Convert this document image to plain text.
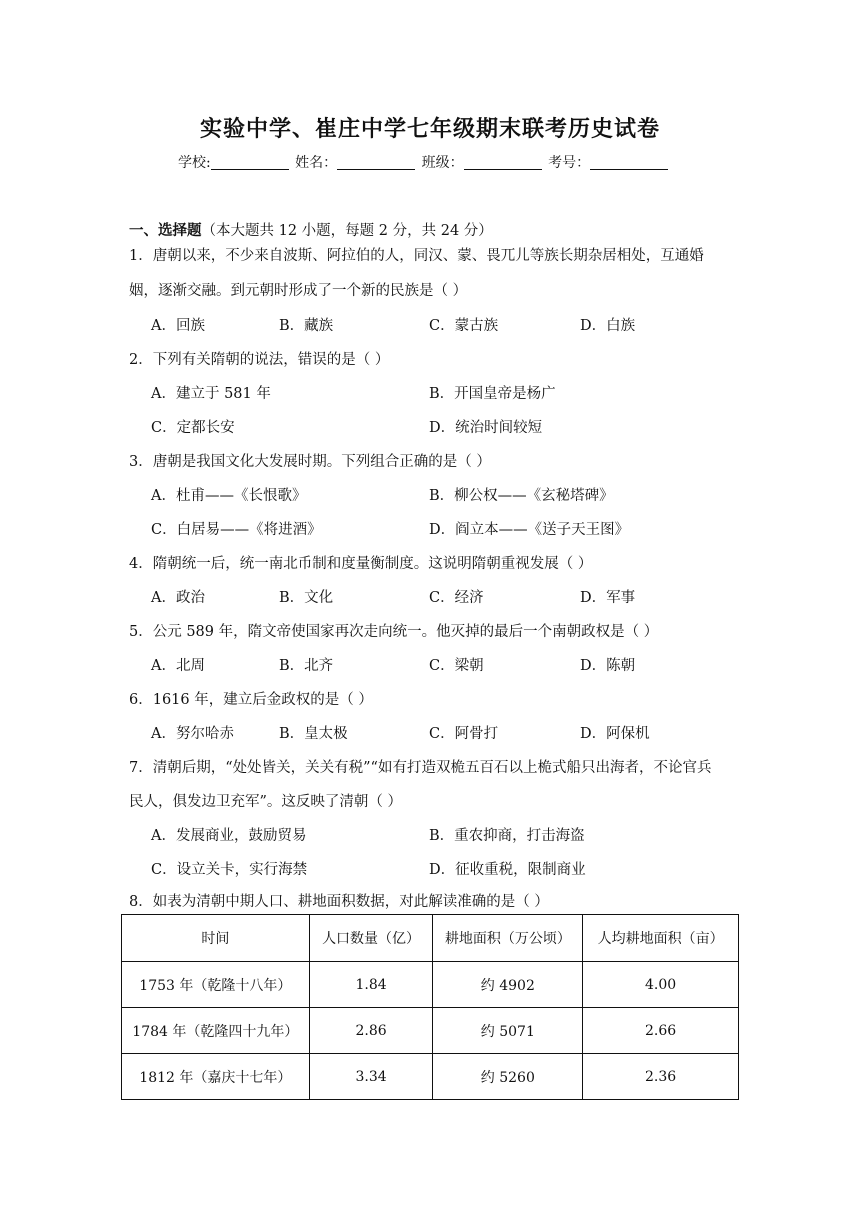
实验中学、崔庄中学七年级期末联考历史试卷
学校:	姓名：	班级：	考号：
一、选择题（本大题共 12 小题，每题 2 分，共 24 分）
1．唐朝以来，不少来自波斯、阿拉伯的人，同汉、蒙、畏兀儿等族长期杂居相处，互通婚
姻，逐渐交融。到元朝时形成了一个新的民族是（ ）
A．回族	B．藏族	C．蒙古族	D．白族
2．下列有关隋朝的说法，错误的是（ ）
A．建立于 581 年	B．开国皇帝是杨广
C．定都长安	D．统治时间较短
3．唐朝是我国文化大发展时期。下列组合正确的是（ ）
A．杜甫——《长恨歌》	B．柳公权——《玄秘塔碑》
C．白居易——《将进酒》	D．阎立本——《送子天王图》
4．隋朝统一后，统一南北币制和度量衡制度。这说明隋朝重视发展（ ）
A．政治	B．文化	C．经济	D．军事
5．公元 589 年，隋文帝使国家再次走向统一。他灭掉的最后一个南朝政权是（ ）
A．北周	B．北齐	C．梁朝	D．陈朝
6．1616 年，建立后金政权的是（ ）
A．努尔哈赤	B．皇太极	C．阿骨打	D．阿保机
7．清朝后期，“处处皆关，关关有税”“如有打造双桅五百石以上桅式船只出海者，不论官兵
民人，俱发边卫充军”。这反映了清朝（ ）
A．发展商业，鼓励贸易	B．重农抑商，打击海盗
C．设立关卡，实行海禁	D．征收重税，限制商业
8．如表为清朝中期人口、耕地面积数据，对此解读准确的是（ ）
时间	人口数量（亿）	耕地面积（万公顷）	人均耕地面积（亩）
1753 年（乾隆十八年）	1.84	约 4902	4.00
1784 年（乾隆四十九年）	2.86	约 5071	2.66
1812 年（嘉庆十七年）	3.34	约 5260	2.36
